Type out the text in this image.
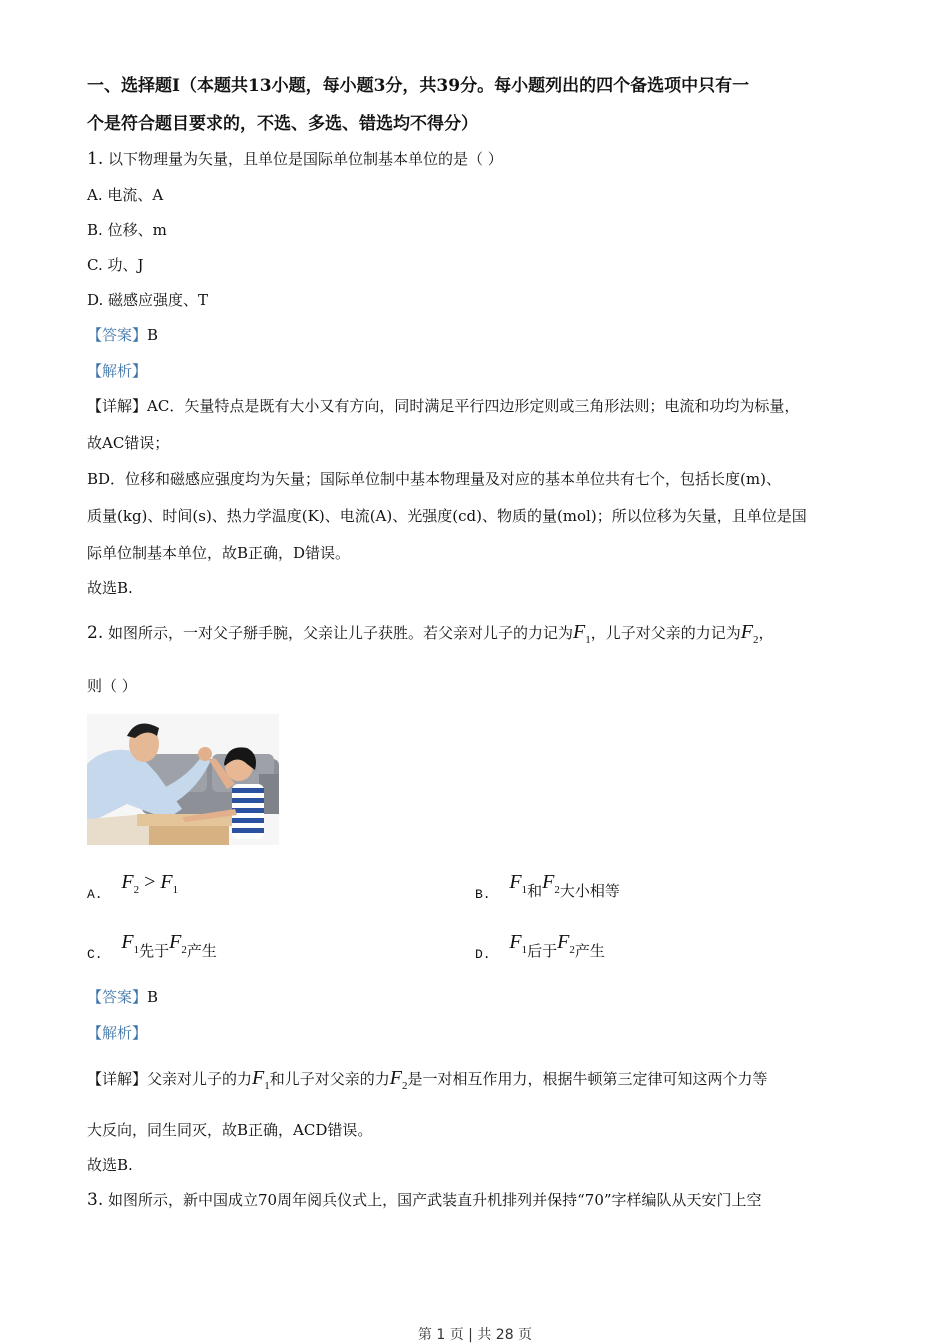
一、选择题Ⅰ（本题共13小题，每小题3分，共39分。每小题列出的四个备选项中只有一
个是符合题目要求的，不选、多选、错选均不得分）
1. 以下物理量为矢量，且单位是国际单位制基本单位的是（ ）
A. 电流、A
B. 位移、m
C. 功、J
D. 磁感应强度、T
【答案】B
【解析】
【详解】AC．矢量特点是既有大小又有方向，同时满足平行四边形定则或三角形法则；电流和功均为标量，
故AC错误；
BD．位移和磁感应强度均为矢量；国际单位制中基本物理量及对应的基本单位共有七个，包括长度(m)、
质量(kg)、时间(s)、热力学温度(K)、电流(A)、光强度(cd)、物质的量(mol)；所以位移为矢量，且单位是国
际单位制基本单位，故B正确，D错误。
故选B.
2. 如图所示，一对父子掰手腕，父亲让儿子获胜。若父亲对儿子的力记为$F_1$，儿子对父亲的力记为$F_2$，
则（ ）
A. $F_2 > F_1$	B. $F_1$和$F_2$大小相等
C. $F_1$先于$F_2$产生	D. $F_1$后于$F_2$产生
【答案】B
【解析】
【详解】父亲对儿子的力$F_1$和儿子对父亲的力$F_2$是一对相互作用力，根据牛顿第三定律可知这两个力等
大反向，同生同灭，故B正确，ACD错误。
故选B.
3. 如图所示，新中国成立70周年阅兵仪式上，国产武装直升机排列并保持“70”字样编队从天安门上空
第 1 页 | 共 28 页
